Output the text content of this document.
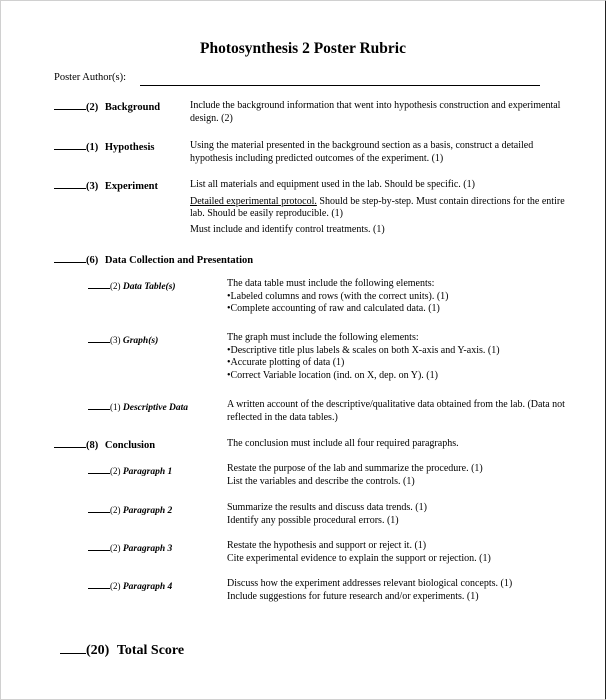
Photosynthesis 2 Poster Rubric
Poster Author(s):
(2) Background	Include the background information that went into hypothesis construction and experimental design. (2)

(1) Hypothesis	Using the material presented in the background section as a basis, construct a detailed hypothesis including predicted outcomes of the experiment. (1)

(3) Experiment	List all materials and equipment used in the lab. Should be specific. (1)

Detailed experimental protocol. Should be step-by-step. Must contain directions for the entire lab. Should be easily reproducible. (1)

Must include and identify control treatments. (1)

(6) Data Collection and Presentation
(2) Data Table(s)	The data table must include the following elements:

• Labeled columns and rows (with the correct units). (1)

• Complete accounting of raw and calculated data. (1)

(3) Graph(s)	The graph must include the following elements:

• Descriptive title plus labels & scales on both X-axis and Y-axis. (1)

• Accurate plotting of data (1)

• Correct Variable location (ind. on X, dep. on Y). (1)

(1) Descriptive Data	A written account of the descriptive/qualitative data obtained from the lab. (Data not reflected in the data tables.)

(8) Conclusion	The conclusion must include all four required paragraphs.

(2) Paragraph 1	Restate the purpose of the lab and summarize the procedure. (1)

List the variables and describe the controls. (1)

(2) Paragraph 2	Summarize the results and discuss data trends. (1)

Identify any possible procedural errors. (1)

(2) Paragraph 3	Restate the hypothesis and support or reject it. (1)

Cite experimental evidence to explain the support or rejection. (1)

(2) Paragraph 4	Discuss how the experiment addresses relevant biological concepts. (1)

Include suggestions for future research and/or experiments. (1)

(20) Total Score
